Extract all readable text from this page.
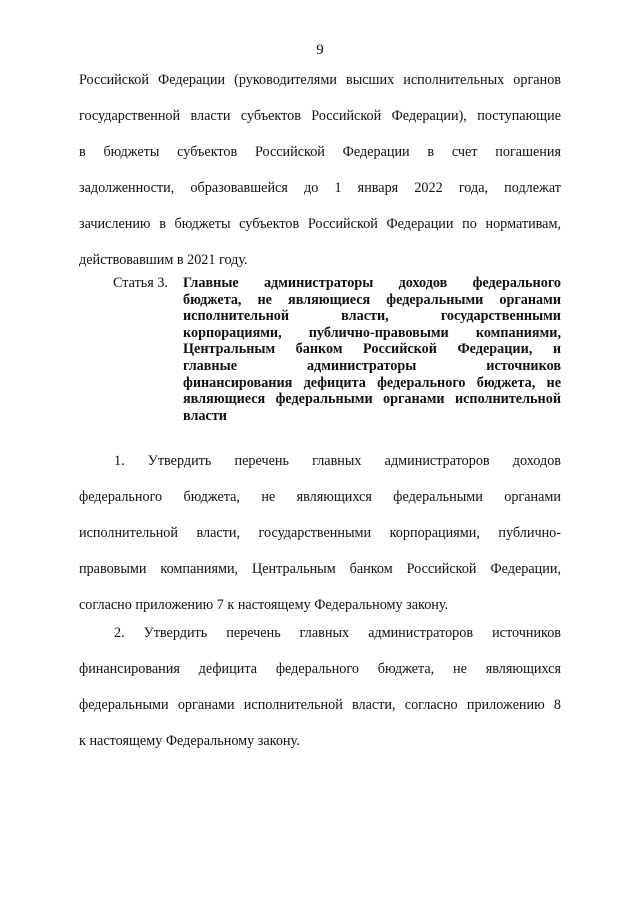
9
Российской Федерации (руководителями высших исполнительных органов
государственной власти субъектов Российской Федерации), поступающие
в бюджеты субъектов Российской Федерации в счет погашения
задолженности, образовавшейся до 1 января 2022 года, подлежат
зачислению в бюджеты субъектов Российской Федерации по нормативам,
действовавшим в 2021 году.
Статья 3.	Главные администраторы доходов федерального
бюджета, не являющиеся федеральными органами
исполнительной власти, государственными
корпорациями, публично-правовыми компаниями,
Центральным банком Российской Федерации, и
главные администраторы источников
финансирования дефицита федерального бюджета, не
являющиеся федеральными органами исполнительной
власти
1. Утвердить перечень главных администраторов доходов
федерального бюджета, не являющихся федеральными органами
исполнительной власти, государственными корпорациями, публично-
правовыми компаниями, Центральным банком Российской Федерации,
согласно приложению 7 к настоящему Федеральному закону.
2. Утвердить перечень главных администраторов источников
финансирования дефицита федерального бюджета, не являющихся
федеральными органами исполнительной власти, согласно приложению 8
к настоящему Федеральному закону.
